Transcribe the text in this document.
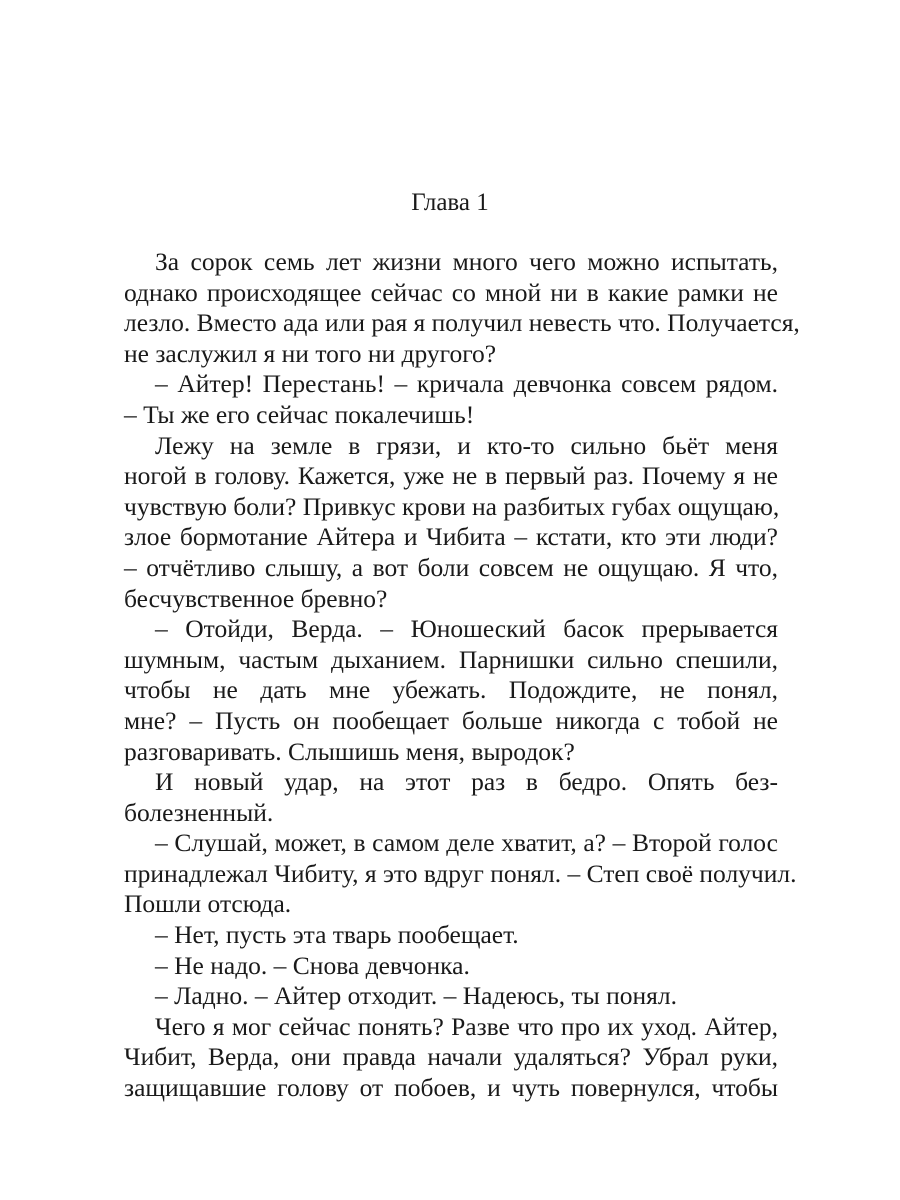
Глава 1
За сорок семь лет жизни много чего можно испытать,
однако происходящее сейчас со мной ни в какие рамки не
лезло. Вместо ада или рая я получил невесть что. Получается,
не заслужил я ни того ни другого?
– Айтер! Перестань! – кричала девчонка совсем рядом.
– Ты же его сейчас покалечишь!
Лежу на земле в грязи, и кто-то сильно бьёт меня
ногой в голову. Кажется, уже не в первый раз. Почему я не
чувствую боли? Привкус крови на разбитых губах ощущаю,
злое бормотание Айтера и Чибита – кстати, кто эти люди?
– отчётливо слышу, а вот боли совсем не ощущаю. Я что,
бесчувственное бревно?
– Отойди, Верда. – Юношеский басок прерывается
шумным, частым дыханием. Парнишки сильно спешили,
чтобы не дать мне убежать. Подождите, не понял,
мне? – Пусть он пообещает больше никогда с тобой не
разговаривать. Слышишь меня, выродок?
И новый удар, на этот раз в бедро. Опять без-
болезненный.
– Слушай, может, в самом деле хватит, а? – Второй голос
принадлежал Чибиту, я это вдруг понял. – Степ своё получил.
Пошли отсюда.
– Нет, пусть эта тварь пообещает.
– Не надо. – Снова девчонка.
– Ладно. – Айтер отходит. – Надеюсь, ты понял.
Чего я мог сейчас понять? Разве что про их уход. Айтер,
Чибит, Верда, они правда начали удаляться? Убрал руки,
защищавшие голову от побоев, и чуть повернулся, чтобы
